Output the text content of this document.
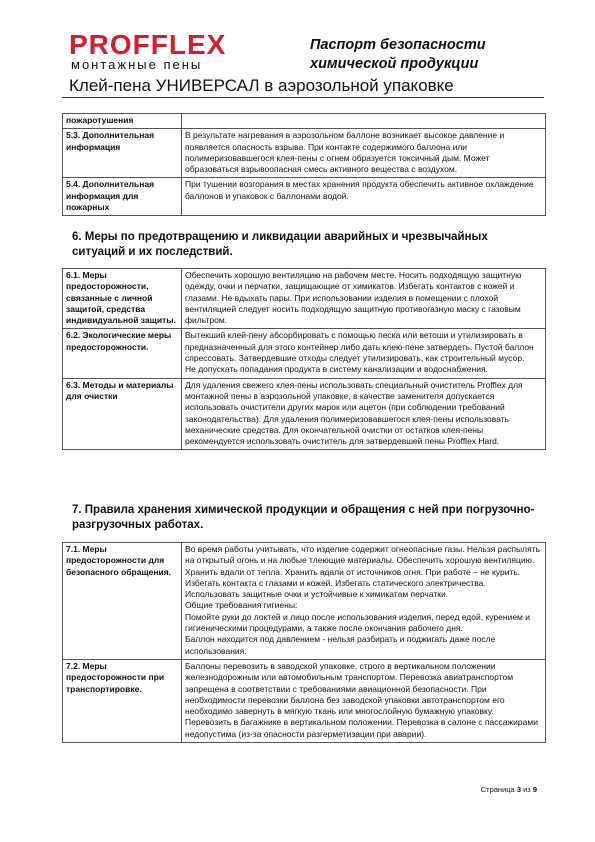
PROFFLEX
монтажные пены
Паспорт безопасности
химической продукции
Клей-пена УНИВЕРСАЛ в аэрозольной упаковке
пожаротушения	
5.3. Дополнительная информация	В результате нагревания в аэрозольном баллоне возникает высокое давление и появляется опасность взрыва. При контакте содержимого баллона или полимеризовавшегося клея-пены с огнем образуется токсичный дым. Может образоваться взрывоопасная смесь активного вещества с воздухом.
5.4. Дополнительная информация для пожарных	При тушении возгорания в местах хранения продукта обеспечить активное охлаждение баллонов и упаковок с баллонами водой.
6. Меры по предотвращению и ликвидации аварийных и чрезвычайных ситуаций и их последствий.
6.1. Меры предосторожности, связанные с личной защитой, средства индивидуальной защиты.	Обеспечить хорошую вентиляцию на рабочем месте. Носить подходящую защитную одежду, очки и перчатки, защищающие от химикатов. Избегать контактов с кожей и глазами. Не вдыхать пары. При использовании изделия в помещении с плохой вентиляцией следует носить подходящую защитную противогазную маску с газовым фильтром.
6.2. Экологические меры предосторожности.	Вытекший клей-пену абсорбировать с помощью песка или ветоши и утилизировать в предназначенный для этого контейнер либо дать клею-пене затвердеть. Пустой баллон спрессовать. Затвердевшие отходы следует утилизировать, как строительный мусор.
Не допускать попадания продукта в систему канализации и водоснабжения.

6.3. Методы и материалы для очистки	Для удаления свежего клея-пены использовать специальный очиститель Profflex для монтажной пены в аэрозольной упаковке, в качестве заменителя допускается использовать очистители других марок или ацетон (при соблюдении требований законодательства). Для удаления полимеризовавшегося клея-пены использовать механические средства. Для окончательной очистки от остатков клея-пены рекомендуется использовать очиститель для затвердевшей пены Profflex Hard.
7. Правила хранения химической продукции и обращения с ней при погрузочно-разгрузочных работах.
7.1. Меры предосторожности для безопасного обращения.	Во время работы учитывать, что изделие содержит огнеопасные газы. Нельзя распылять на открытый огонь и на любые тлеющие материалы. Обеспечить хорошую вентиляцию. Хранить вдали от тепла. Хранить вдали от источников огня. При работе – не курить. Избегать контакта с глазами и кожей. Избегать статического электричества. Использовать защитные очки и устойчивые к химикатам перчатки.
Общие требования гигиены:
Помойте руки до локтей и лицо после использования изделия, перед едой, курением и гигиеническими процедурами, а также после окончания рабочего дня.
Баллон находится под давлением - нельзя разбирать и поджигать даже после использования.

7.2. Меры предосторожности при транспортировке.	Баллоны перевозить в заводской упаковке, строго в вертикальном положении железнодорожным или автомобильным транспортом. Перевозка авиатранспортом запрещена в соответствии с требованиями авиационной безопасности. При необходимости перевозки баллона без заводской упаковки автотранспортом его необходимо завернуть в мягкую ткань или многослойную бумажную упаковку. Перевозить в багажнике в вертикальном положении. Перевозка в салоне с пассажирами недопустима (из-за опасности разгерметизации при аварии).
Страница 3 из 9
